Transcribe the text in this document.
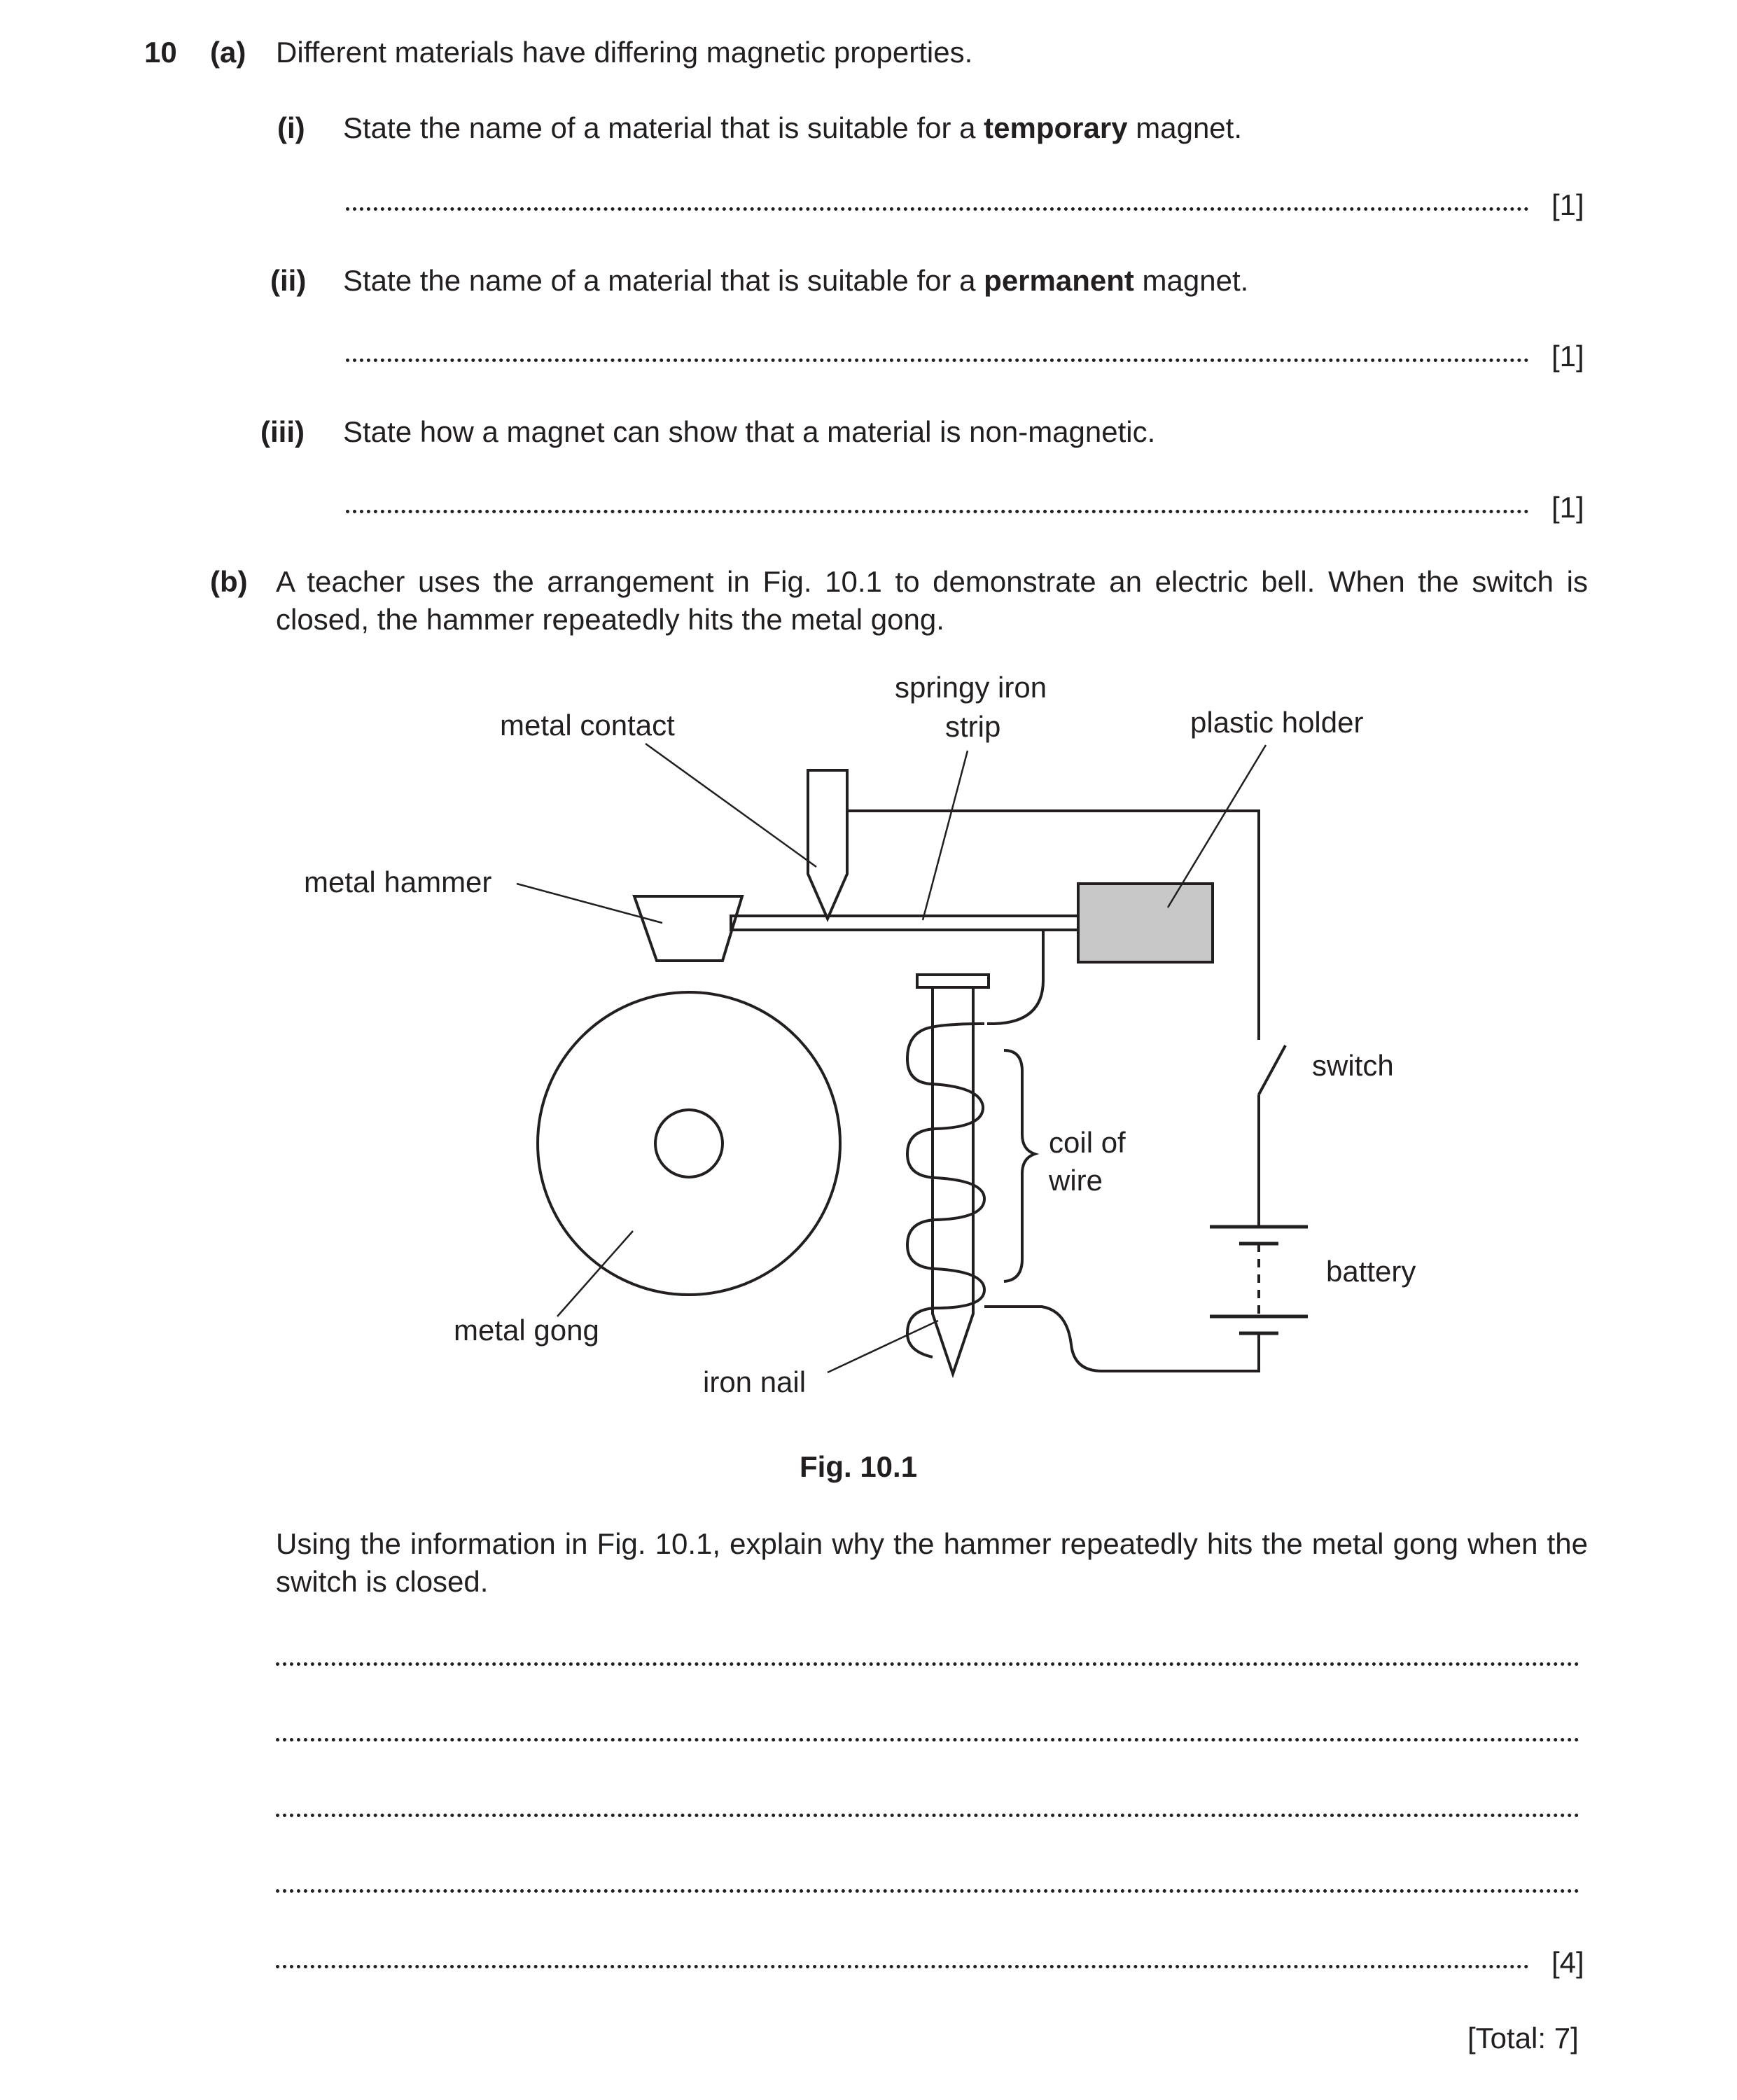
10 (a) Different materials have differing magnetic properties.
(i) State the name of a material that is suitable for a temporary magnet.
[1]
(ii) State the name of a material that is suitable for a permanent magnet.
[1]
(iii) State how a magnet can show that a material is non-magnetic.
[1]
(b) A teacher uses the arrangement in Fig. 10.1 to demonstrate an electric bell. When the switch is closed, the hammer repeatedly hits the metal gong.
metal contact
springy iron
strip	plastic holder
metal hammer
switch
coil of
wire
battery
metal gong
iron nail
Fig. 10.1
Using the information in Fig. 10.1, explain why the hammer repeatedly hits the metal gong when the switch is closed.
[4]
[Total: 7]
